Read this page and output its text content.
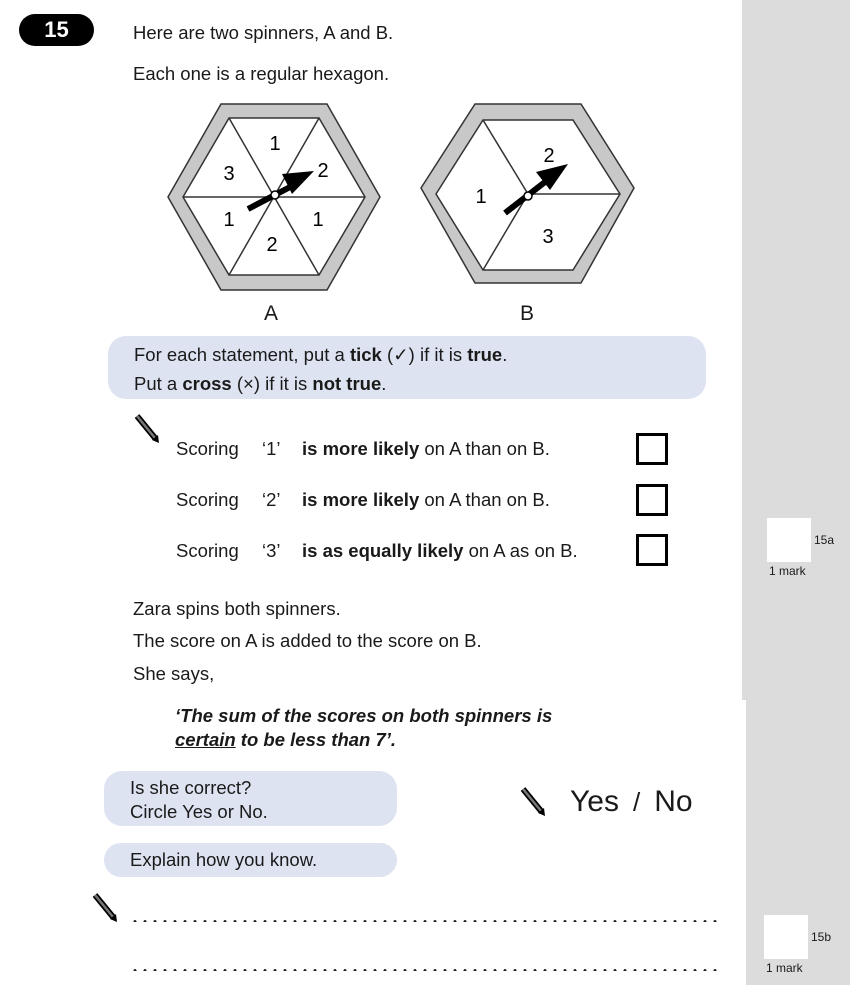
15	Here are two spinners, A and B.
Each one is a regular hexagon.
1
2
1
2
1
3
2
3
1
A	B
For each statement, put a tick (✓) if it is true.
Put a cross (×) if it is not true.
Scoring ‘1’ is more likely on A than on B.
Scoring ‘2’ is more likely on A than on B.
Scoring ‘3’ is as equally likely on A as on B.	15a
1 mark
Zara spins both spinners.
The score on A is added to the score on B.
She says,
‘The sum of the scores on both spinners is
certain to be less than 7’.
Is she correct?
Circle Yes or No.	Yes / No
Explain how you know.
15b
1 mark
